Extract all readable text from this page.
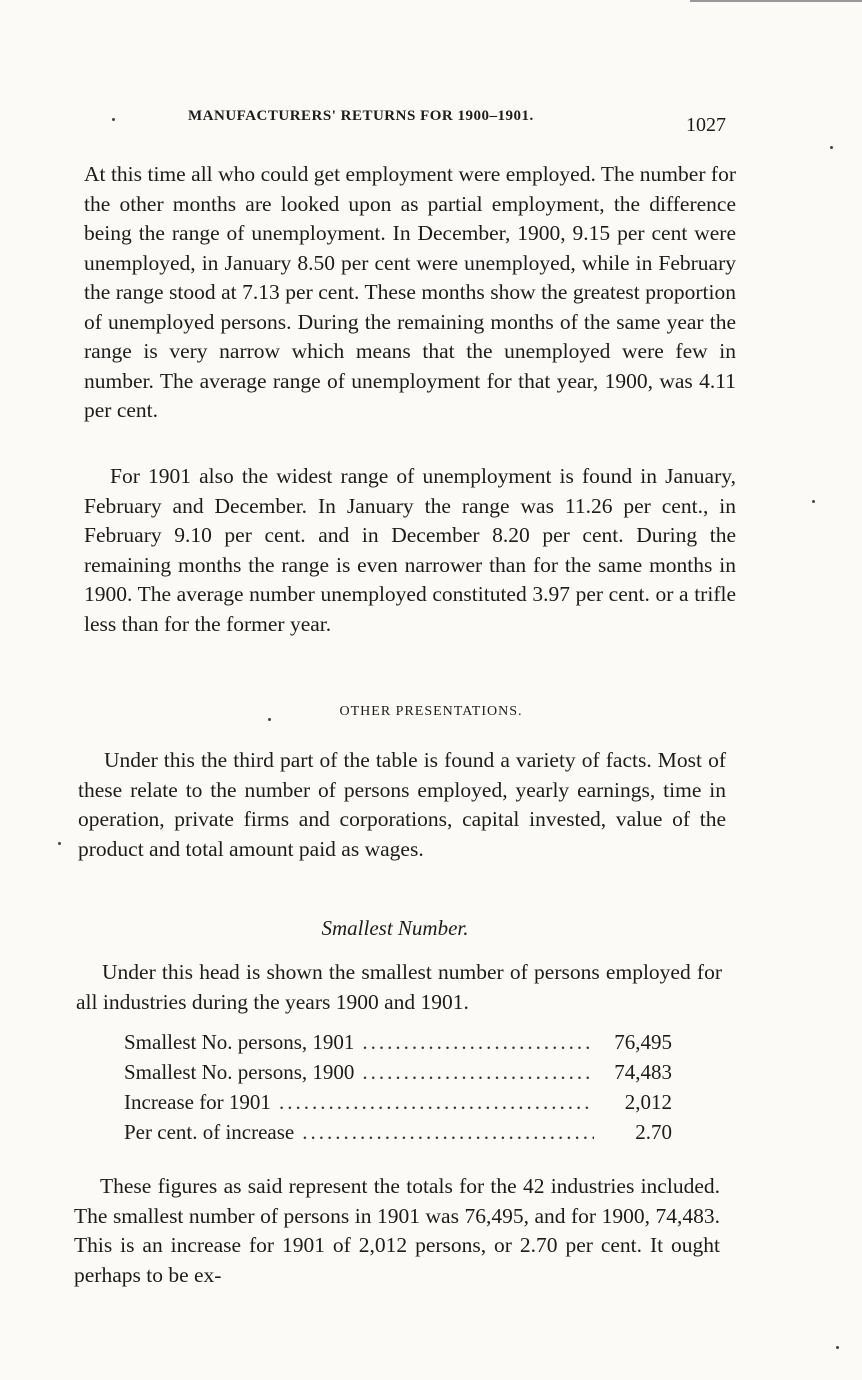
MANUFACTURERS' RETURNS FOR 1900–1901.	1027

At this time all who could get employment were employed. The number for the other months are looked upon as partial employment, the difference being the range of unemployment. In December, 1900, 9.15 per cent were unemployed, in January 8.50 per cent were unemployed, while in February the range stood at 7.13 per cent. These months show the greatest proportion of unemployed persons. During the remaining months of the same year the range is very narrow which means that the unemployed were few in number. The average range of unemployment for that year, 1900, was 4.11 per cent.

For 1901 also the widest range of unemployment is found in January, February and December. In January the range was 11.26 per cent., in February 9.10 per cent. and in December 8.20 per cent. During the remaining months the range is even narrower than for the same months in 1900. The average number unemployed constituted 3.97 per cent. or a trifle less than for the former year.

OTHER PRESENTATIONS.

Under this the third part of the table is found a variety of facts. Most of these relate to the number of persons employed, yearly earnings, time in operation, private firms and corporations, capital invested, value of the product and total amount paid as wages.

Smallest Number.

Under this head is shown the smallest number of persons employed for all industries during the years 1900 and 1901.

Smallest No. persons, 1901 .....	76,495
Smallest No. persons, 1900 .....	74,483
Increase for 1901 .....	2,012
Per cent. of increase .....	2.70

These figures as said represent the totals for the 42 industries included. The smallest number of persons in 1901 was 76,495, and for 1900, 74,483. This is an increase for 1901 of 2,012 persons, or 2.70 per cent. It ought perhaps to be ex-
